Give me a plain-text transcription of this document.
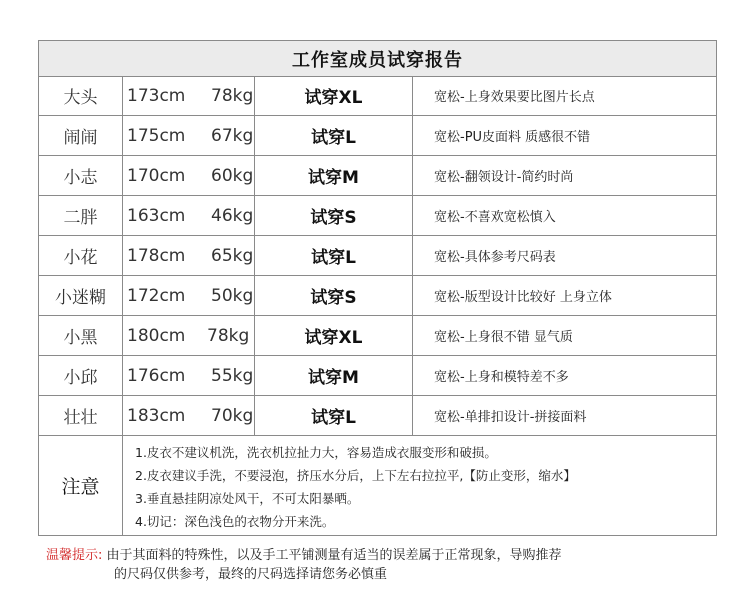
工作室成员试穿报告
大头	173cm 78kg	试穿XL	宽松-上身效果要比图片长点
闹闹	175cm 67kg	试穿L	宽松-PU皮面料 质感很不错
小志	170cm 60kg	试穿M	宽松-翻领设计-简约时尚
二胖	163cm 46kg	试穿S	宽松-不喜欢宽松慎入
小花	178cm 65kg	试穿L	宽松-具体参考尺码表
小迷糊	172cm 50kg	试穿S	宽松-版型设计比较好 上身立体
小黑	180cm 78kg	试穿XL	宽松-上身很不错 显气质
小邱	176cm 55kg	试穿M	宽松-上身和模特差不多
壮壮	183cm 70kg	试穿L	宽松-单排扣设计-拼接面料
注意
1.皮衣不建议机洗，洗衣机拉扯力大，容易造成衣服变形和破损。
2.皮衣建议手洗，不要浸泡，挤压水分后，上下左右拉拉平,【防止变形，缩水】
3.垂直悬挂阴凉处风干，不可太阳暴晒。
4.切记：深色浅色的衣物分开来洗。
温馨提示: 由于其面料的特殊性，以及手工平铺测量有适当的误差属于正常现象，导购推荐
的尺码仅供参考，最终的尺码选择请您务必慎重
